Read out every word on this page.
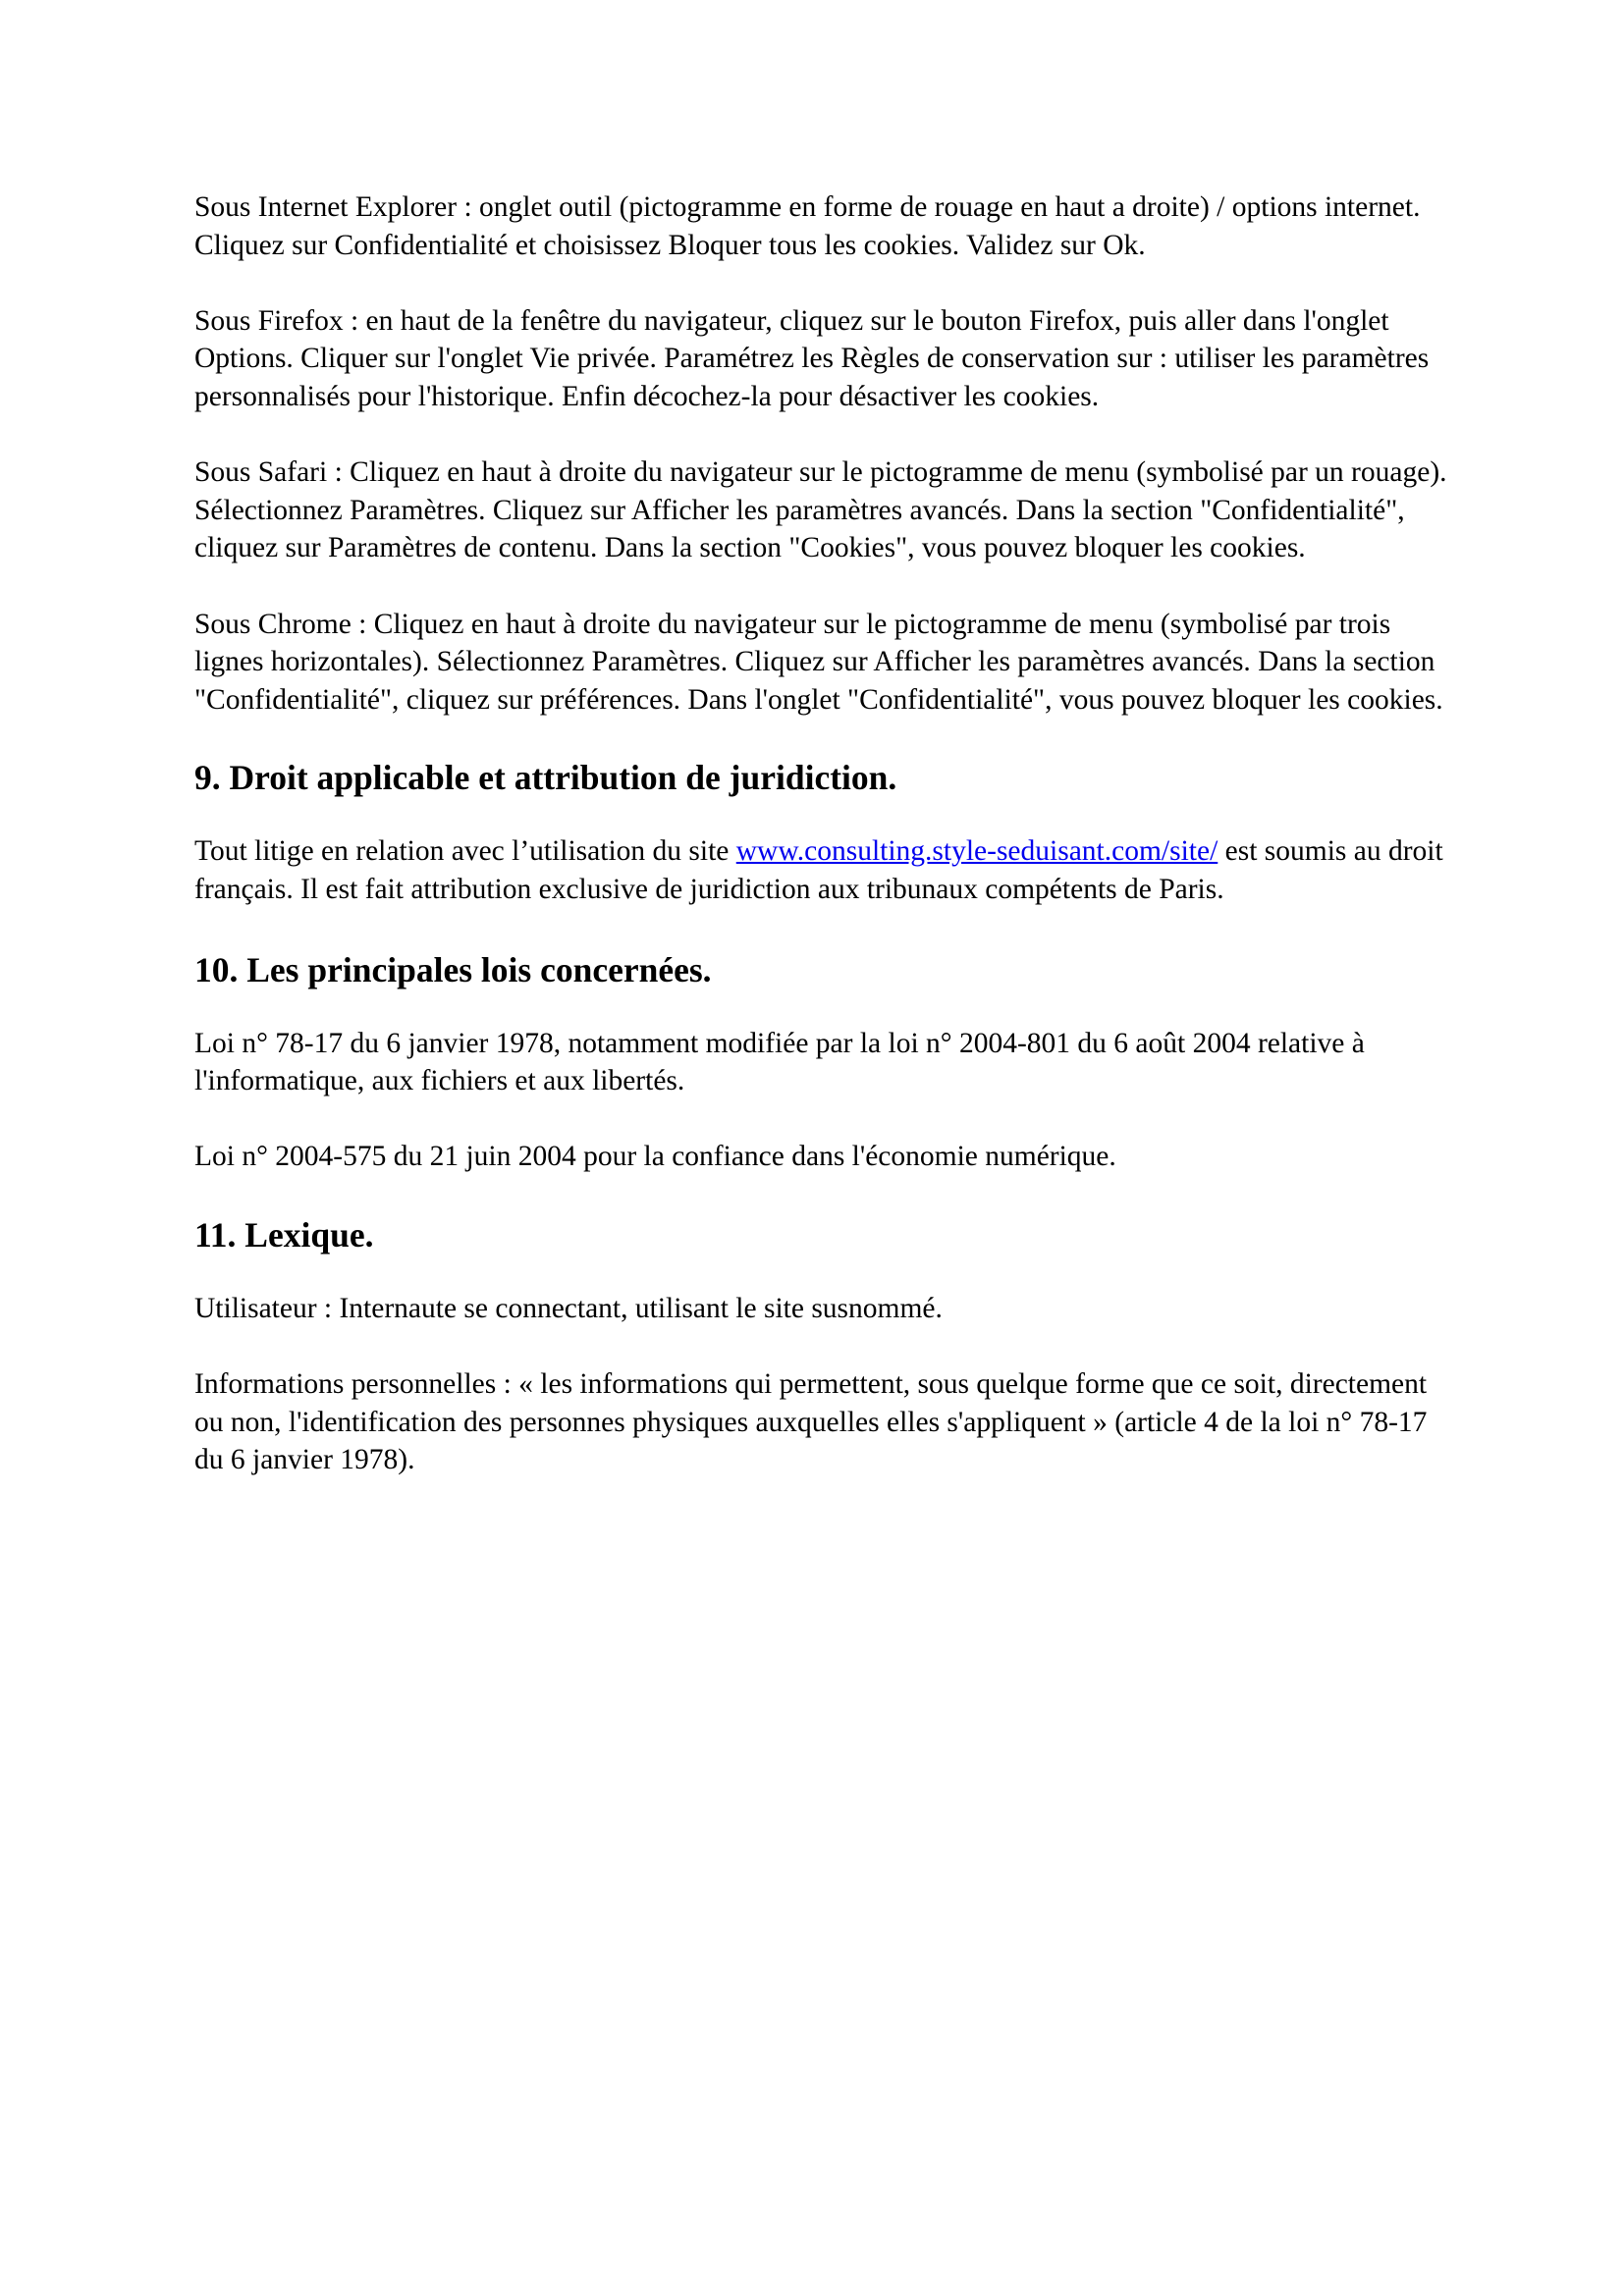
Sous Internet Explorer : onglet outil (pictogramme en forme de rouage en haut a droite) / options internet. Cliquez sur Confidentialité et choisissez Bloquer tous les cookies. Validez sur Ok.

Sous Firefox : en haut de la fenêtre du navigateur, cliquez sur le bouton Firefox, puis aller dans l'onglet Options. Cliquer sur l'onglet Vie privée. Paramétrez les Règles de conservation sur : utiliser les paramètres personnalisés pour l'historique. Enfin décochez-la pour désactiver les cookies.

Sous Safari : Cliquez en haut à droite du navigateur sur le pictogramme de menu (symbolisé par un rouage). Sélectionnez Paramètres. Cliquez sur Afficher les paramètres avancés. Dans la section "Confidentialité", cliquez sur Paramètres de contenu. Dans la section "Cookies", vous pouvez bloquer les cookies.

Sous Chrome : Cliquez en haut à droite du navigateur sur le pictogramme de menu (symbolisé par trois lignes horizontales). Sélectionnez Paramètres. Cliquez sur Afficher les paramètres avancés. Dans la section "Confidentialité", cliquez sur préférences. Dans l'onglet "Confidentialité", vous pouvez bloquer les cookies.

9. Droit applicable et attribution de juridiction.

Tout litige en relation avec l’utilisation du site www.consulting.style-seduisant.com/site/ est soumis au droit français. Il est fait attribution exclusive de juridiction aux tribunaux compétents de Paris.

10. Les principales lois concernées.

Loi n° 78-17 du 6 janvier 1978, notamment modifiée par la loi n° 2004-801 du 6 août 2004 relative à l'informatique, aux fichiers et aux libertés.

Loi n° 2004-575 du 21 juin 2004 pour la confiance dans l'économie numérique.

11. Lexique.

Utilisateur : Internaute se connectant, utilisant le site susnommé.

Informations personnelles : « les informations qui permettent, sous quelque forme que ce soit, directement ou non, l'identification des personnes physiques auxquelles elles s'appliquent » (article 4 de la loi n° 78-17 du 6 janvier 1978).
